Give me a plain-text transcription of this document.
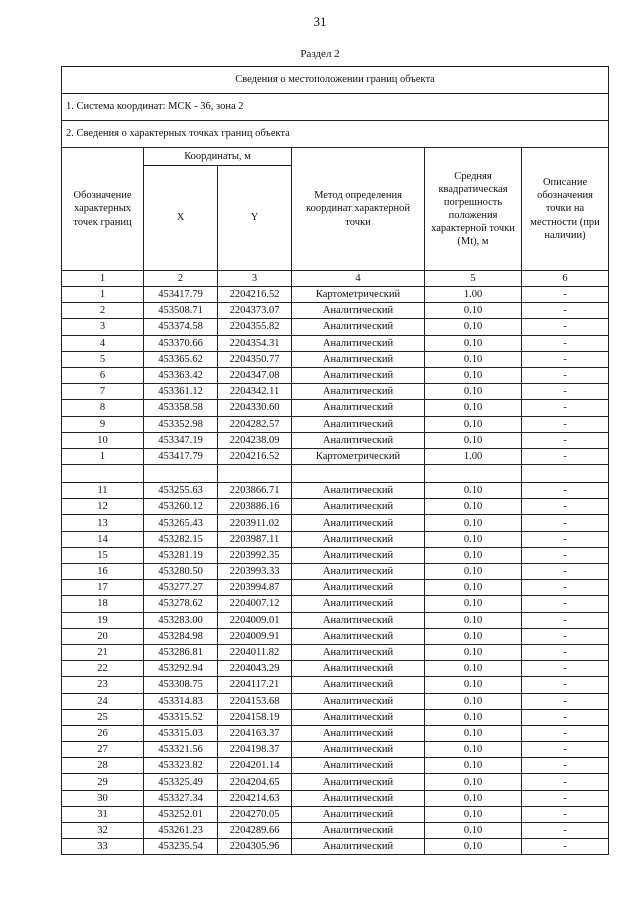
31
Раздел 2
Сведения о местоположении границ объекта					
1. Система координат: МСК - 36, зона 2					
2. Сведения о характерных точках границ объекта					
Обозначение характерных точек границ	Координаты, м		Метод определения координат характерной точки	Средняя квадратическая погрешность положения характерной точки (Mt), м	Описание обозначения точки на местности (при наличии)
	X	Y			
1	2	3	4	5	6
1	453417.79	2204216.52	Картометрический	1.00	-
2	453508.71	2204373.07	Аналитический	0.10	-
3	453374.58	2204355.82	Аналитический	0.10	-
4	453370.66	2204354.31	Аналитический	0.10	-
5	453365.62	2204350.77	Аналитический	0.10	-
6	453363.42	2204347.08	Аналитический	0.10	-
7	453361.12	2204342.11	Аналитический	0.10	-
8	453358.58	2204330.60	Аналитический	0.10	-
9	453352.98	2204282.57	Аналитический	0.10	-
10	453347.19	2204238.09	Аналитический	0.10	-
1	453417.79	2204216.52	Картометрический	1.00	-

11	453255.63	2203866.71	Аналитический	0.10	-
12	453260.12	2203886.16	Аналитический	0.10	-
13	453265.43	2203911.02	Аналитический	0.10	-
14	453282.15	2203987.11	Аналитический	0.10	-
15	453281.19	2203992.35	Аналитический	0.10	-
16	453280.50	2203993.33	Аналитический	0.10	-
17	453277.27	2203994.87	Аналитический	0.10	-
18	453278.62	2204007.12	Аналитический	0.10	-
19	453283.00	2204009.01	Аналитический	0.10	-
20	453284.98	2204009.91	Аналитический	0.10	-
21	453286.81	2204011.82	Аналитический	0.10	-
22	453292.94	2204043.29	Аналитический	0.10	-
23	453308.75	2204117.21	Аналитический	0.10	-
24	453314.83	2204153.68	Аналитический	0.10	-
25	453315.52	2204158.19	Аналитический	0.10	-
26	453315.03	2204163.37	Аналитический	0.10	-
27	453321.56	2204198.37	Аналитический	0.10	-
28	453323.82	2204201.14	Аналитический	0.10	-
29	453325.49	2204204.65	Аналитический	0.10	-
30	453327.34	2204214.63	Аналитический	0.10	-
31	453252.01	2204270.05	Аналитический	0.10	-
32	453261.23	2204289.66	Аналитический	0.10	-
33	453235.54	2204305.96	Аналитический	0.10	-
